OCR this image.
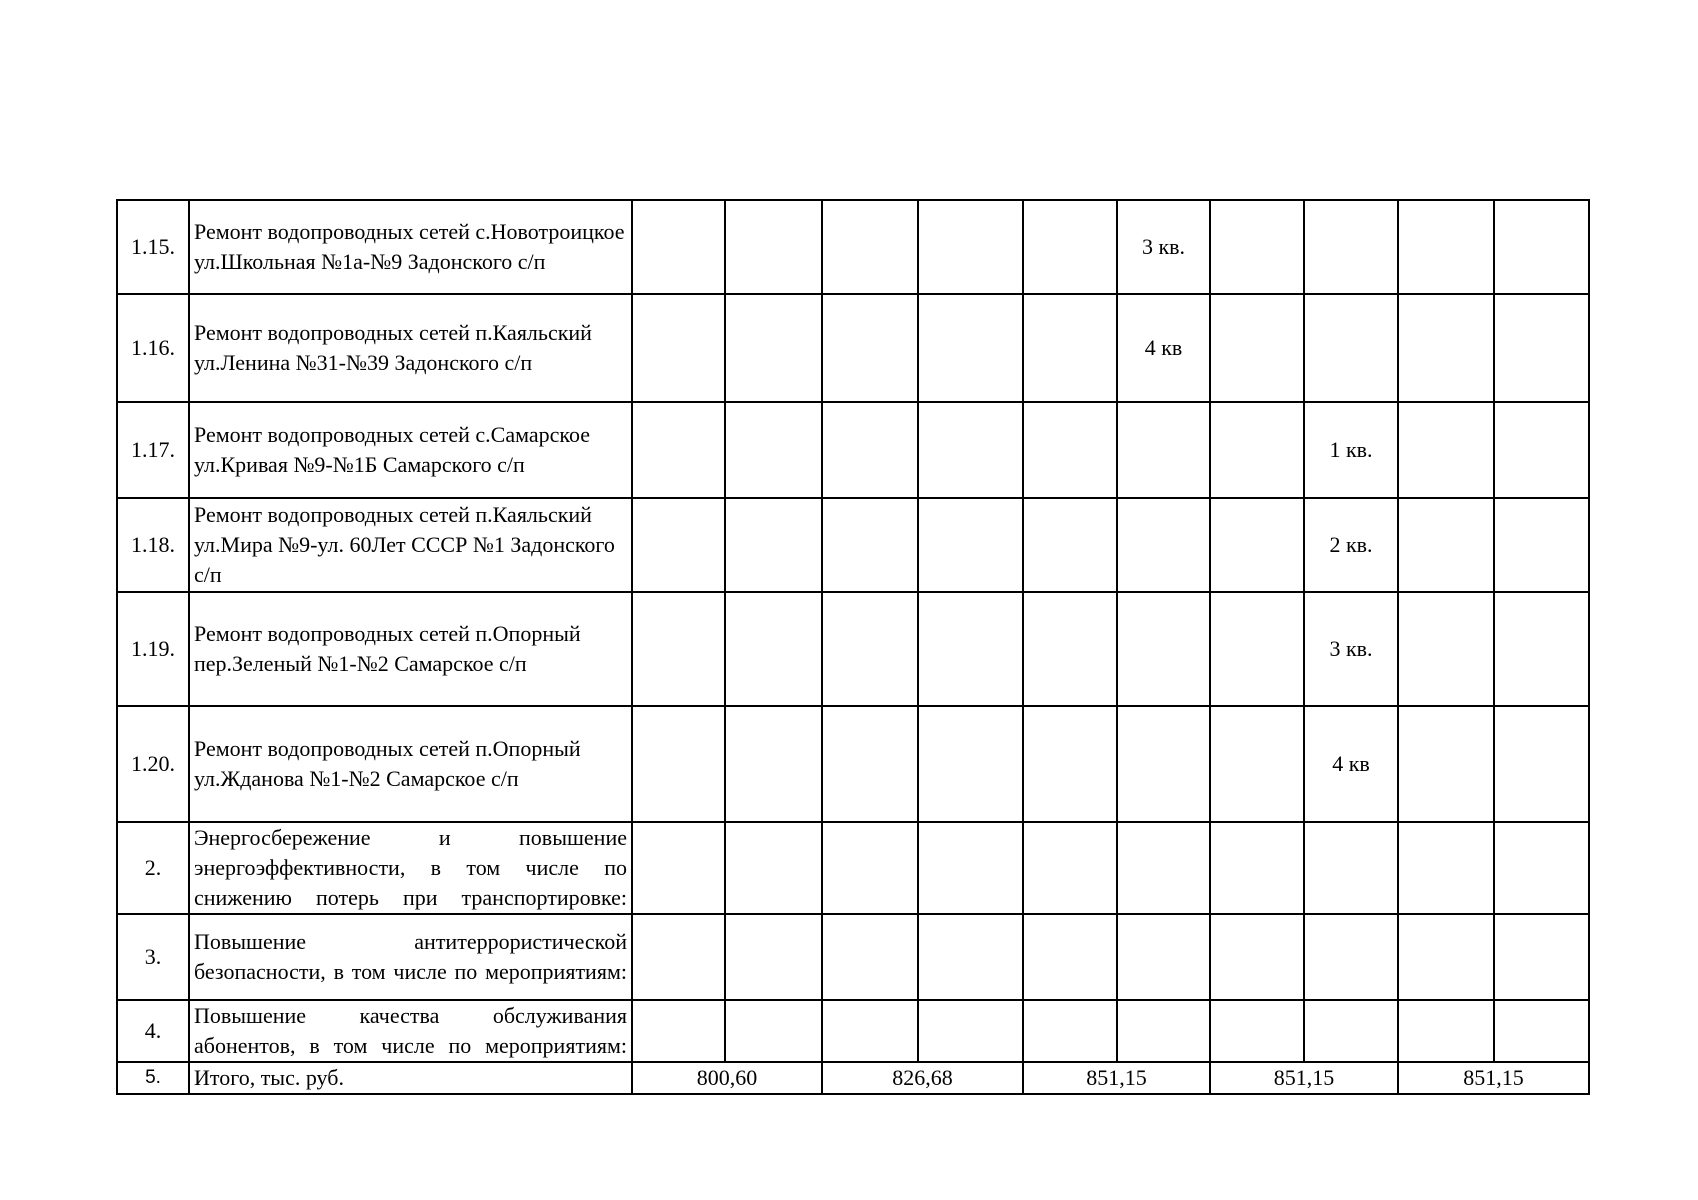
1.15.	Ремонт водопроводных сетей с.Новотроицкое ул.Школьная №1а-№9 Задонского с/п						3 кв.				
1.16.	Ремонт водопроводных сетей п.Каяльский ул.Ленина №31-№39 Задонского с/п						4 кв				
1.17.	Ремонт водопроводных сетей с.Самарское ул.Кривая №9-№1Б Самарского с/п								1 кв.		
1.18.	Ремонт водопроводных сетей п.Каяльский ул.Мира №9-ул. 60Лет СССР №1 Задонского с/п								2 кв.		
1.19.	Ремонт водопроводных сетей п.Опорный пер.Зеленый №1-№2 Самарское с/п								3 кв.		
1.20.	Ремонт водопроводных сетей п.Опорный ул.Жданова №1-№2 Самарское с/п								4 кв		
2.	Энергосбережение и повышение энергоэффективности, в том числе по снижению потерь при транспортировке:										
3.	Повышение антитеррористической безопасности, в том числе по мероприятиям:										
4.	Повышение качества обслуживания абонентов, в том числе по мероприятиям:										
5.	Итого, тыс. руб.	800,60		826,68		851,15		851,15		851,15	
